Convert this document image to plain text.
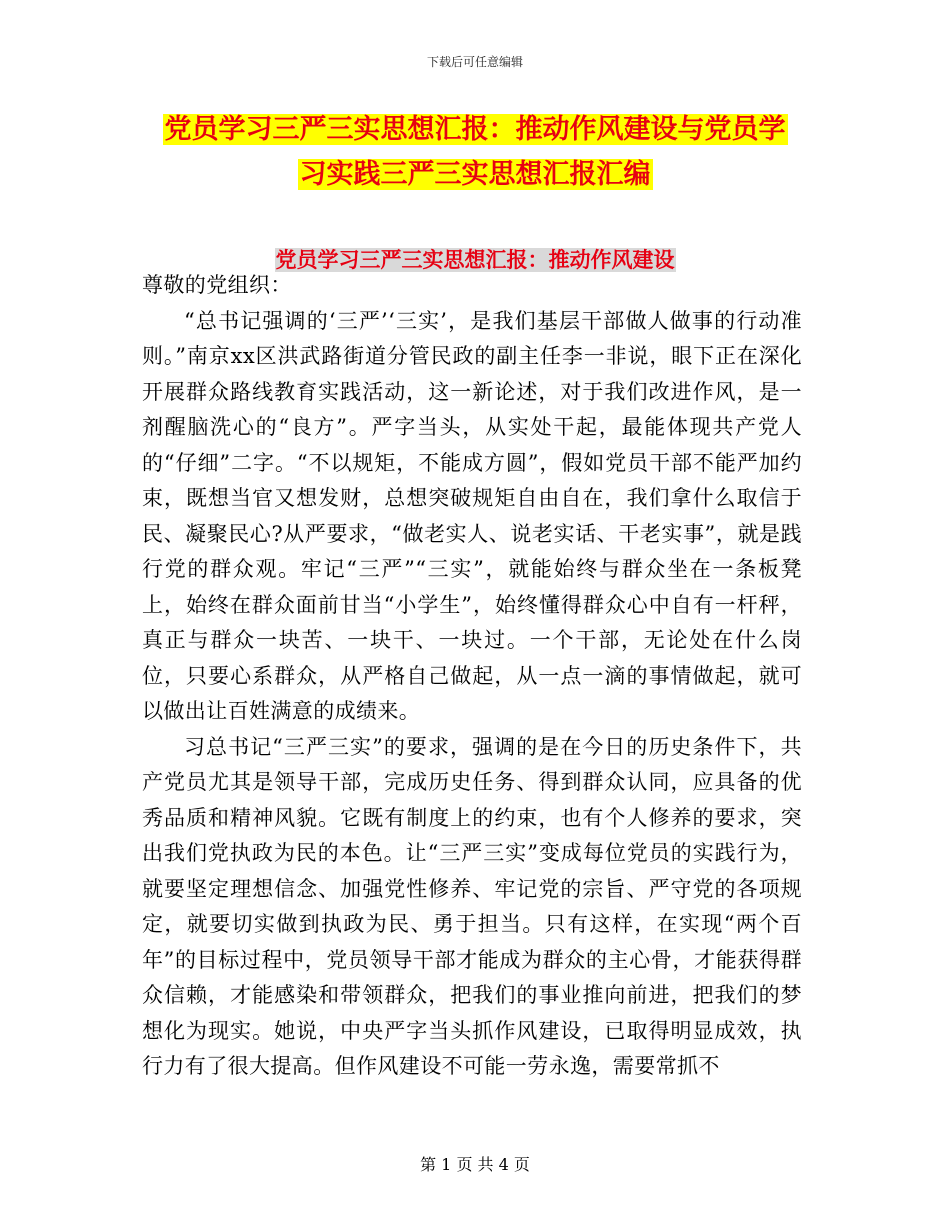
下载后可任意编辑
党员学习三严三实思想汇报：推动作风建设与党员学
习实践三严三实思想汇报汇编
党员学习三严三实思想汇报：推动作风建设

尊敬的党组织：

“总书记强调的‘三严’‘三实’，是我们基层干部做人做事的行动准则。”南京xx区洪武路街道分管民政的副主任李一非说，眼下正在深化开展群众路线教育实践活动，这一新论述，对于我们改进作风，是一剂醒脑洗心的“良方”。严字当头，从实处干起，最能体现共产党人的“仔细”二字。“不以规矩，不能成方圆”，假如党员干部不能严加约束，既想当官又想发财，总想突破规矩自由自在，我们拿什么取信于民、凝聚民心?从严要求，“做老实人、说老实话、干老实事”，就是践行党的群众观。牢记“三严”“三实”，就能始终与群众坐在一条板凳上，始终在群众面前甘当“小学生”，始终懂得群众心中自有一杆秤，真正与群众一块苦、一块干、一块过。一个干部，无论处在什么岗位，只要心系群众，从严格自己做起，从一点一滴的事情做起，就可以做出让百姓满意的成绩来。

习总书记“三严三实”的要求，强调的是在今日的历史条件下，共产党员尤其是领导干部，完成历史任务、得到群众认同，应具备的优秀品质和精神风貌。它既有制度上的约束，也有个人修养的要求，突出我们党执政为民的本色。让“三严三实”变成每位党员的实践行为，就要坚定理想信念、加强党性修养、牢记党的宗旨、严守党的各项规定，就要切实做到执政为民、勇于担当。只有这样，在实现“两个百年”的目标过程中，党员领导干部才能成为群众的主心骨，才能获得群众信赖，才能感染和带领群众，把我们的事业推向前进，把我们的梦想化为现实。她说，中央严字当头抓作风建设，已取得明显成效，执行力有了很大提高。但作风建设不可能一劳永逸，需要常抓不

第 1 页 共 4 页
